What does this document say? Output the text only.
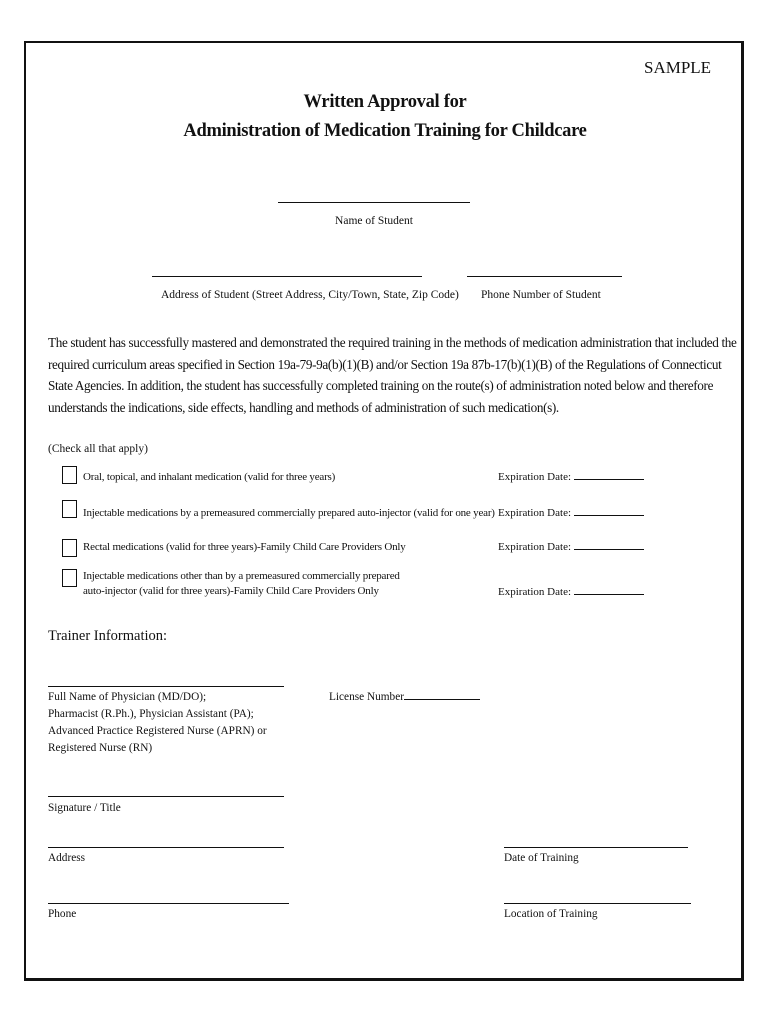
SAMPLE
Written Approval for
Administration of Medication Training for Childcare
Name of Student
Address of Student (Street Address, City/Town, State, Zip Code) Phone Number of Student
The student has successfully mastered and demonstrated the required training in the methods of medication administration that included the required curriculum areas specified in Section 19a-79-9a(b)(1)(B) and/or Section 19a 87b-17(b)(1)(B) of the Regulations of Connecticut State Agencies. In addition, the student has successfully completed training on the route(s) of administration noted below and therefore understands the indications, side effects, handling and methods of administration of such medication(s).
(Check all that apply)
Oral, topical, and inhalant medication (valid for three years)	Expiration Date:
Injectable medications by a premeasured commercially prepared auto-injector (valid for one year) Expiration Date:
Rectal medications (valid for three years)-Family Child Care Providers Only	Expiration Date:
Injectable medications other than by a premeasured commercially prepared
auto-injector (valid for three years)-Family Child Care Providers Only	Expiration Date:
Trainer Information:
Full Name of Physician (MD/DO);
Pharmacist (R.Ph.), Physician Assistant (PA);
Advanced Practice Registered Nurse (APRN) or
Registered Nurse (RN)
License Number
Signature / Title
Address	Date of Training
Phone	Location of Training
